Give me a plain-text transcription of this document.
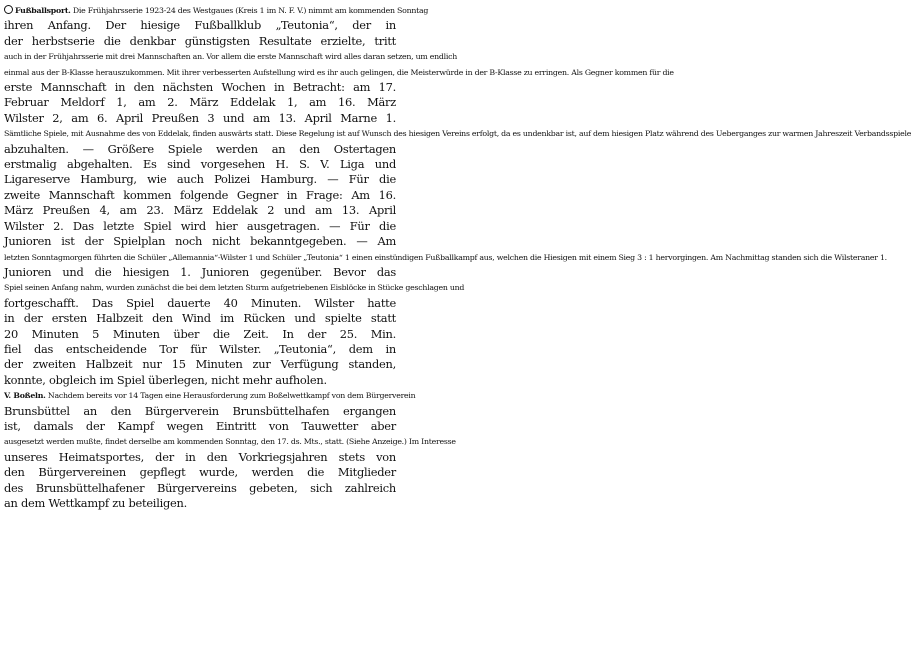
Fußballsport. Die Frühjahrsserie 1923-24 des Westgaues (Kreis 1 im N. F. V.) nimmt am kommenden Sonntag
ihren Anfang. Der hiesige Fußballklub „Teutonia“, der in
der herbstserie die denkbar günstigsten Resultate erzielte, tritt
auch in der Frühjahrsserie mit drei Mannschaften an. Vor allem die erste Mannschaft wird alles daran setzen, um endlich
einmal aus der B-Klasse herauszukommen. Mit ihrer verbesserten Aufstellung wird es ihr auch gelingen, die Meisterwürde in der B-Klasse zu erringen. Als Gegner kommen für die
erste Mannschaft in den nächsten Wochen in Betracht: am 17.
Februar Meldorf 1, am 2. März Eddelak 1, am 16. März
Wilster 2, am 6. April Preußen 3 und am 13. April Marne 1.
Sämtliche Spiele, mit Ausnahme des von Eddelak, finden auswärts statt. Diese Regelung ist auf Wunsch des hiesigen Vereins erfolgt, da es undenkbar ist, auf dem hiesigen Platz während des Ueberganges zur warmen Jahreszeit Verbandsspiele
abzuhalten. — Größere Spiele werden an den Ostertagen
erstmalig abgehalten. Es sind vorgesehen H. S. V. Liga und
Ligareserve Hamburg, wie auch Polizei Hamburg. — Für die
zweite Mannschaft kommen folgende Gegner in Frage: Am 16.
März Preußen 4, am 23. März Eddelak 2 und am 13. April
Wilster 2. Das letzte Spiel wird hier ausgetragen. — Für die
Junioren ist der Spielplan noch nicht bekanntgegeben. — Am
letzten Sonntagmorgen führten die Schüler „Allemannia“-Wilster 1 und Schüler „Teutonia“ 1 einen einstündigen Fußballkampf aus, welchen die Hiesigen mit einem Sieg 3 : 1 hervorgingen. Am Nachmittag standen sich die Wilsteraner 1.
Junioren und die hiesigen 1. Junioren gegenüber. Bevor das
Spiel seinen Anfang nahm, wurden zunächst die bei dem letzten Sturm aufgetriebenen Eisblöcke in Stücke geschlagen und
fortgeschafft. Das Spiel dauerte 40 Minuten. Wilster hatte
in der ersten Halbzeit den Wind im Rücken und spielte statt
20 Minuten 5 Minuten über die Zeit. In der 25. Min.
fiel das entscheidende Tor für Wilster. „Teutonia“, dem in
der zweiten Halbzeit nur 15 Minuten zur Verfügung standen,
konnte, obgleich im Spiel überlegen, nicht mehr aufholen.
V. Boßeln. Nachdem bereits vor 14 Tagen eine Herausforderung zum Boßelwettkampf von dem Bürgerverein
Brunsbüttel an den Bürgerverein Brunsbüttelhafen ergangen
ist, damals der Kampf wegen Eintritt von Tauwetter aber
ausgesetzt werden mußte, findet derselbe am kommenden Sonntag, den 17. ds. Mts., statt. (Siehe Anzeige.) Im Interesse
unseres Heimatsportes, der in den Vorkriegsjahren stets von
den Bürgervereinen gepflegt wurde, werden die Mitglieder
des Brunsbüttelhafener Bürgervereins gebeten, sich zahlreich
an dem Wettkampf zu beteiligen.
